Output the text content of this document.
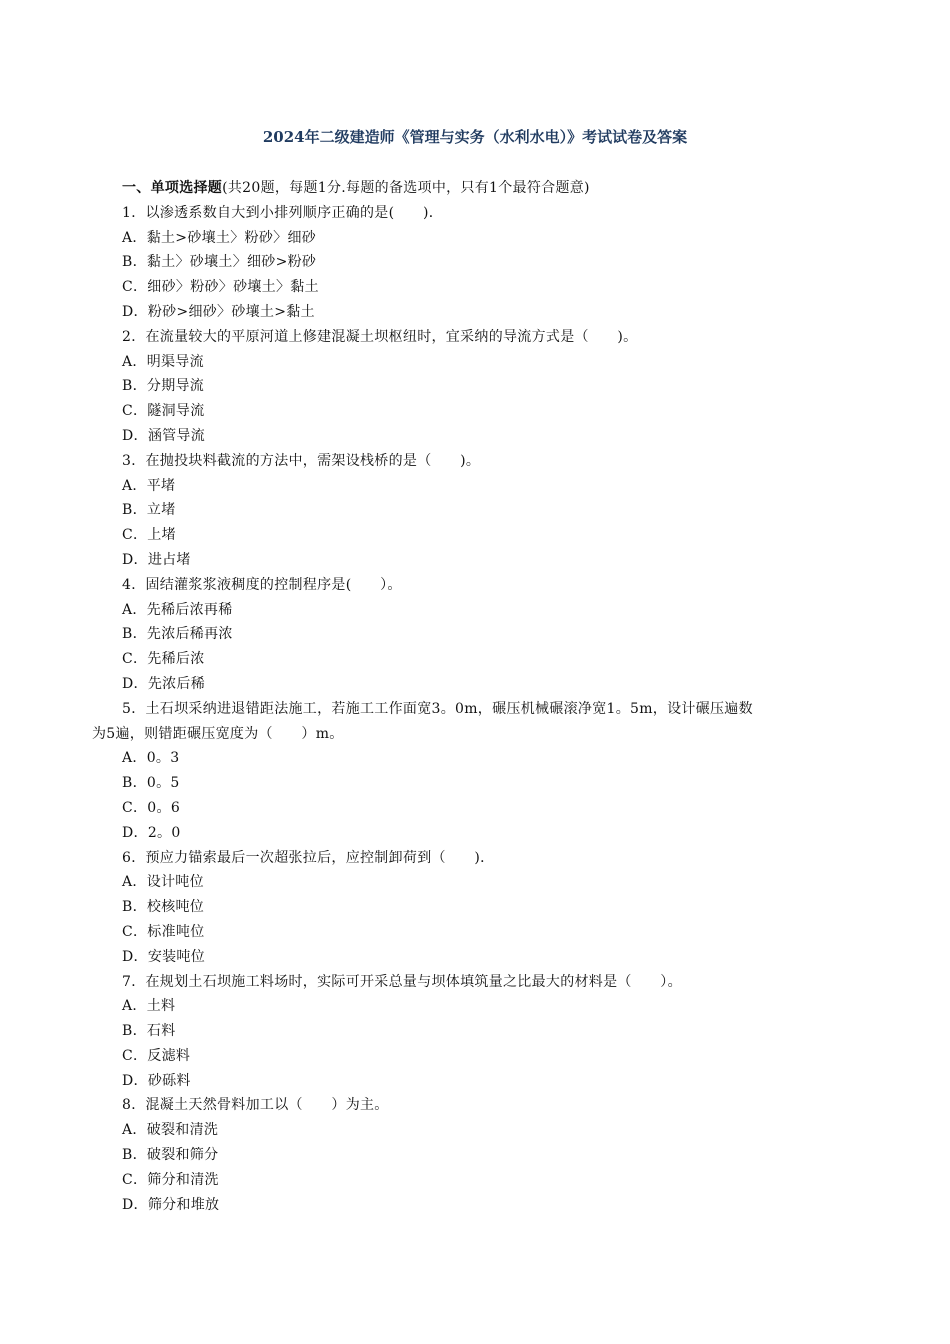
2024年二级建造师《管理与实务（水利水电）》考试试卷及答案
一、单项选择题(共20题，每题1分.每题的备选项中，只有1个最符合题意)
1．以渗透系数自大到小排列顺序正确的是(　　)．
A．黏土>砂壤土〉粉砂〉细砂
B．黏土〉砂壤土〉细砂>粉砂
C．细砂〉粉砂〉砂壤土〉黏土
D．粉砂>细砂〉砂壤土>黏土
2．在流量较大的平原河道上修建混凝土坝枢纽时，宜采纳的导流方式是（　　)。
A．明渠导流
B．分期导流
C．隧洞导流
D．涵管导流
3．在抛投块料截流的方法中，需架设栈桥的是（　　)。
A．平堵
B．立堵
C．上堵
D．进占堵
4．固结灌浆浆液稠度的控制程序是(　　）。
A．先稀后浓再稀
B．先浓后稀再浓
C．先稀后浓
D．先浓后稀
5．土石坝采纳进退错距法施工，若施工工作面宽3。0m，碾压机械碾滚净宽1。5m，设计碾压遍数
为5遍，则错距碾压宽度为（　　）m。
A．0。3
B．0。5
C．0。6
D．2。0
6．预应力锚索最后一次超张拉后，应控制卸荷到（　　)．
A．设计吨位
B．校核吨位
C．标准吨位
D．安装吨位
7．在规划土石坝施工料场时，实际可开采总量与坝体填筑量之比最大的材料是（　　）。
A．土料
B．石料
C．反滤料
D．砂砾料
8．混凝土天然骨料加工以（　　）为主。
A．破裂和清洗
B．破裂和筛分
C．筛分和清洗
D．筛分和堆放
